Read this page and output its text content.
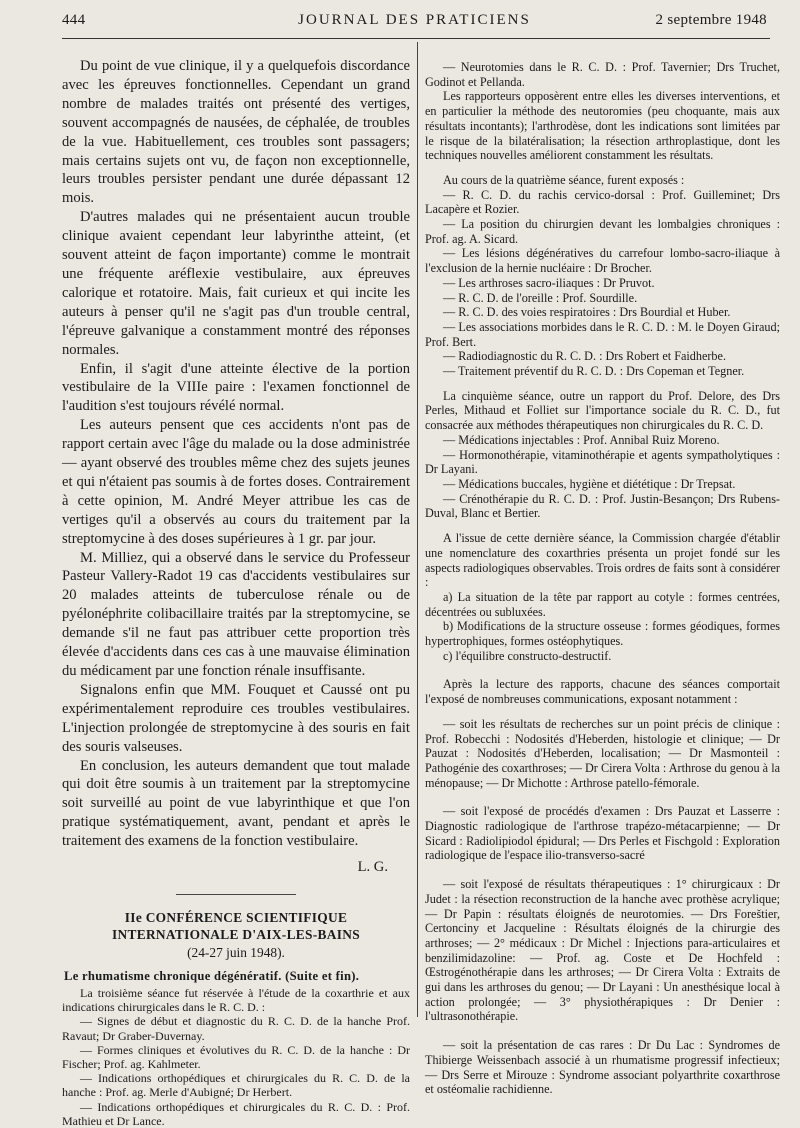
444	JOURNAL DES PRATICIENS	2 septembre 1948

Du point de vue clinique, il y a quelquefois discordance avec les épreuves fonctionnelles. Cependant un grand nombre de malades traités ont présenté des vertiges, souvent accompagnés de nausées, de céphalée, de troubles de la vue. Habituellement, ces troubles sont passagers; mais certains sujets ont vu, de façon non exceptionnelle, leurs troubles persister pendant une durée dépassant 12 mois.

D'autres malades qui ne présentaient aucun trouble clinique avaient cependant leur labyrinthe atteint, (et souvent atteint de façon importante) comme le montrait une fréquente aréflexie vestibulaire, aux épreuves calorique et rotatoire. Mais, fait curieux et qui incite les auteurs à penser qu'il ne s'agit pas d'un trouble central, l'épreuve galvanique a constamment montré des réponses normales.

Enfin, il s'agit d'une atteinte élective de la portion vestibulaire de la VIIIe paire : l'examen fonctionnel de l'audition s'est toujours révélé normal.

Les auteurs pensent que ces accidents n'ont pas de rapport certain avec l'âge du malade ou la dose administrée — ayant observé des troubles même chez des sujets jeunes et qui n'étaient pas soumis à de fortes doses. Contrairement à cette opinion, M. André Meyer attribue les cas de vertiges qu'il a observés au cours du traitement par la streptomycine à des doses supérieures à 1 gr. par jour.

M. Milliez, qui a observé dans le service du Professeur Pasteur Vallery-Radot 19 cas d'accidents vestibulaires sur 20 malades atteints de tuberculose rénale ou de pyélonéphrite colibacillaire traités par la streptomycine, se demande s'il ne faut pas attribuer cette proportion très élevée d'accidents dans ces cas à une mauvaise élimination du médicament par une fonction rénale insuffisante.

Signalons enfin que MM. Fouquet et Caussé ont pu expérimentalement reproduire ces troubles vestibulaires. L'injection prolongée de streptomycine à des souris en fait des souris valseuses.

En conclusion, les auteurs demandent que tout malade qui doit être soumis à un traitement par la streptomycine soit surveillé au point de vue labyrinthique et que l'on pratique systématiquement, avant, pendant et après le traitement des examens de la fonction vestibulaire.

L. G.
IIe CONFÉRENCE SCIENTIFIQUE
INTERNATIONALE D'AIX-LES-BAINS
(24-27 juin 1948).
Le rhumatisme chronique dégénératif. (Suite et fin).

La troisième séance fut réservée à l'étude de la coxarthrie et aux indications chirurgicales dans le R. C. D. :

— Signes de début et diagnostic du R. C. D. de la hanche Prof. Ravaut; Dr Graber-Duvernay.

— Formes cliniques et évolutives du R. C. D. de la hanche : Dr Fischer; Prof. ag. Kahlmeter.

— Indications orthopédiques et chirurgicales du R. C. D. de la hanche : Prof. ag. Merle d'Aubigné; Dr Herbert.

— Indications orthopédiques et chirurgicales du R. C. D. : Prof. Mathieu et Dr Lance.

— Neurotomies dans le R. C. D. : Prof. Tavernier; Drs Truchet, Godinot et Pellanda.

Les rapporteurs opposèrent entre elles les diverses interventions, et en particulier la méthode des neutoromies (peu choquante, mais aux résultats incontants); l'arthrodèse, dont les indications sont limitées par le risque de la bilatéralisation; la résection arthroplastique, dont les techniques nouvelles améliorent constamment les résultats.

Au cours de la quatrième séance, furent exposés :

— R. C. D. du rachis cervico-dorsal : Prof. Guilleminet; Drs Lacapère et Rozier.

— La position du chirurgien devant les lombalgies chroniques : Prof. ag. A. Sicard.

— Les lésions dégénératives du carrefour lombo-sacro-iliaque à l'exclusion de la hernie nucléaire : Dr Brocher.

— Les arthroses sacro-iliaques : Dr Pruvot.

— R. C. D. de l'oreille : Prof. Sourdille.

— R. C. D. des voies respiratoires : Drs Bourdial et Huber.

— Les associations morbides dans le R. C. D. : M. le Doyen Giraud; Prof. Bert.

— Radiodiagnostic du R. C. D. : Drs Robert et Faidherbe.

— Traitement préventif du R. C. D. : Drs Copeman et Tegner.

La cinquième séance, outre un rapport du Prof. Delore, des Drs Perles, Mithaud et Folliet sur l'importance sociale du R. C. D., fut consacrée aux méthodes thérapeutiques non chirurgicales du R. C. D.

— Médications injectables : Prof. Annibal Ruiz Moreno.

— Hormonothérapie, vitaminothérapie et agents sympatholytiques : Dr Layani.

— Médications buccales, hygiène et diététique : Dr Trepsat.

— Crénothérapie du R. C. D. : Prof. Justin-Besançon; Drs Rubens-Duval, Blanc et Bertier.

A l'issue de cette dernière séance, la Commission chargée d'établir une nomenclature des coxarthries présenta un projet fondé sur les aspects radiologiques observables. Trois ordres de faits sont à considérer :

a) La situation de la tête par rapport au cotyle : formes centrées, décentrées ou subluxées.

b) Modifications de la structure osseuse : formes géodiques, formes hypertrophiques, formes ostéophytiques.

c) l'équilibre constructo-destructif.

Après la lecture des rapports, chacune des séances comportait l'exposé de nombreuses communications, exposant notamment :

— soit les résultats de recherches sur un point précis de clinique : Prof. Robecchi : Nodosités d'Heberden, histologie et clinique; — Dr Pauzat : Nodosités d'Heberden, localisation; — Dr Masmonteil : Pathogénie des coxarthroses; — Dr Cirera Volta : Arthrose du genou à la ménopause; — Dr Michotte : Arthrose patello-fémorale.

— soit l'exposé de procédés d'examen : Drs Pauzat et Lasserre : Diagnostic radiologique de l'arthrose trapézo-métacarpienne; — Dr Sicard : Radiolipiodol épidural; — Drs Perles et Fischgold : Exploration radiologique de l'espace ilio-transverso-sacré

— soit l'exposé de résultats thérapeutiques : 1° chirurgicaux : Dr Judet : la résection reconstruction de la hanche avec prothèse acrylique; — Dr Papin : résultats éloignés de neurotomies. — Drs Foreštier, Certonciny et Jacqueline : Résultats éloignés de la chirurgie des arthroses; — 2° médicaux : Dr Michel : Injections para-articulaires et benzilimidazoline: — Prof. ag. Coste et De Hochfeld : Œstrogénothérapie dans les arthroses; — Dr Cirera Volta : Extraits de gui dans les arthroses du genou; — Dr Layani : Un anesthésique local à action prolongée; — 3° physiothérapiques : Dr Denier : l'ultrasonothérapie.

— soit la présentation de cas rares : Dr Du Lac : Syndromes de Thibierge Weissenbach associé à un rhumatisme progressif infectieux; — Drs Serre et Mirouze : Syndrome associant polyarthrite coxarthrose et ostéomalie rachidienne.
